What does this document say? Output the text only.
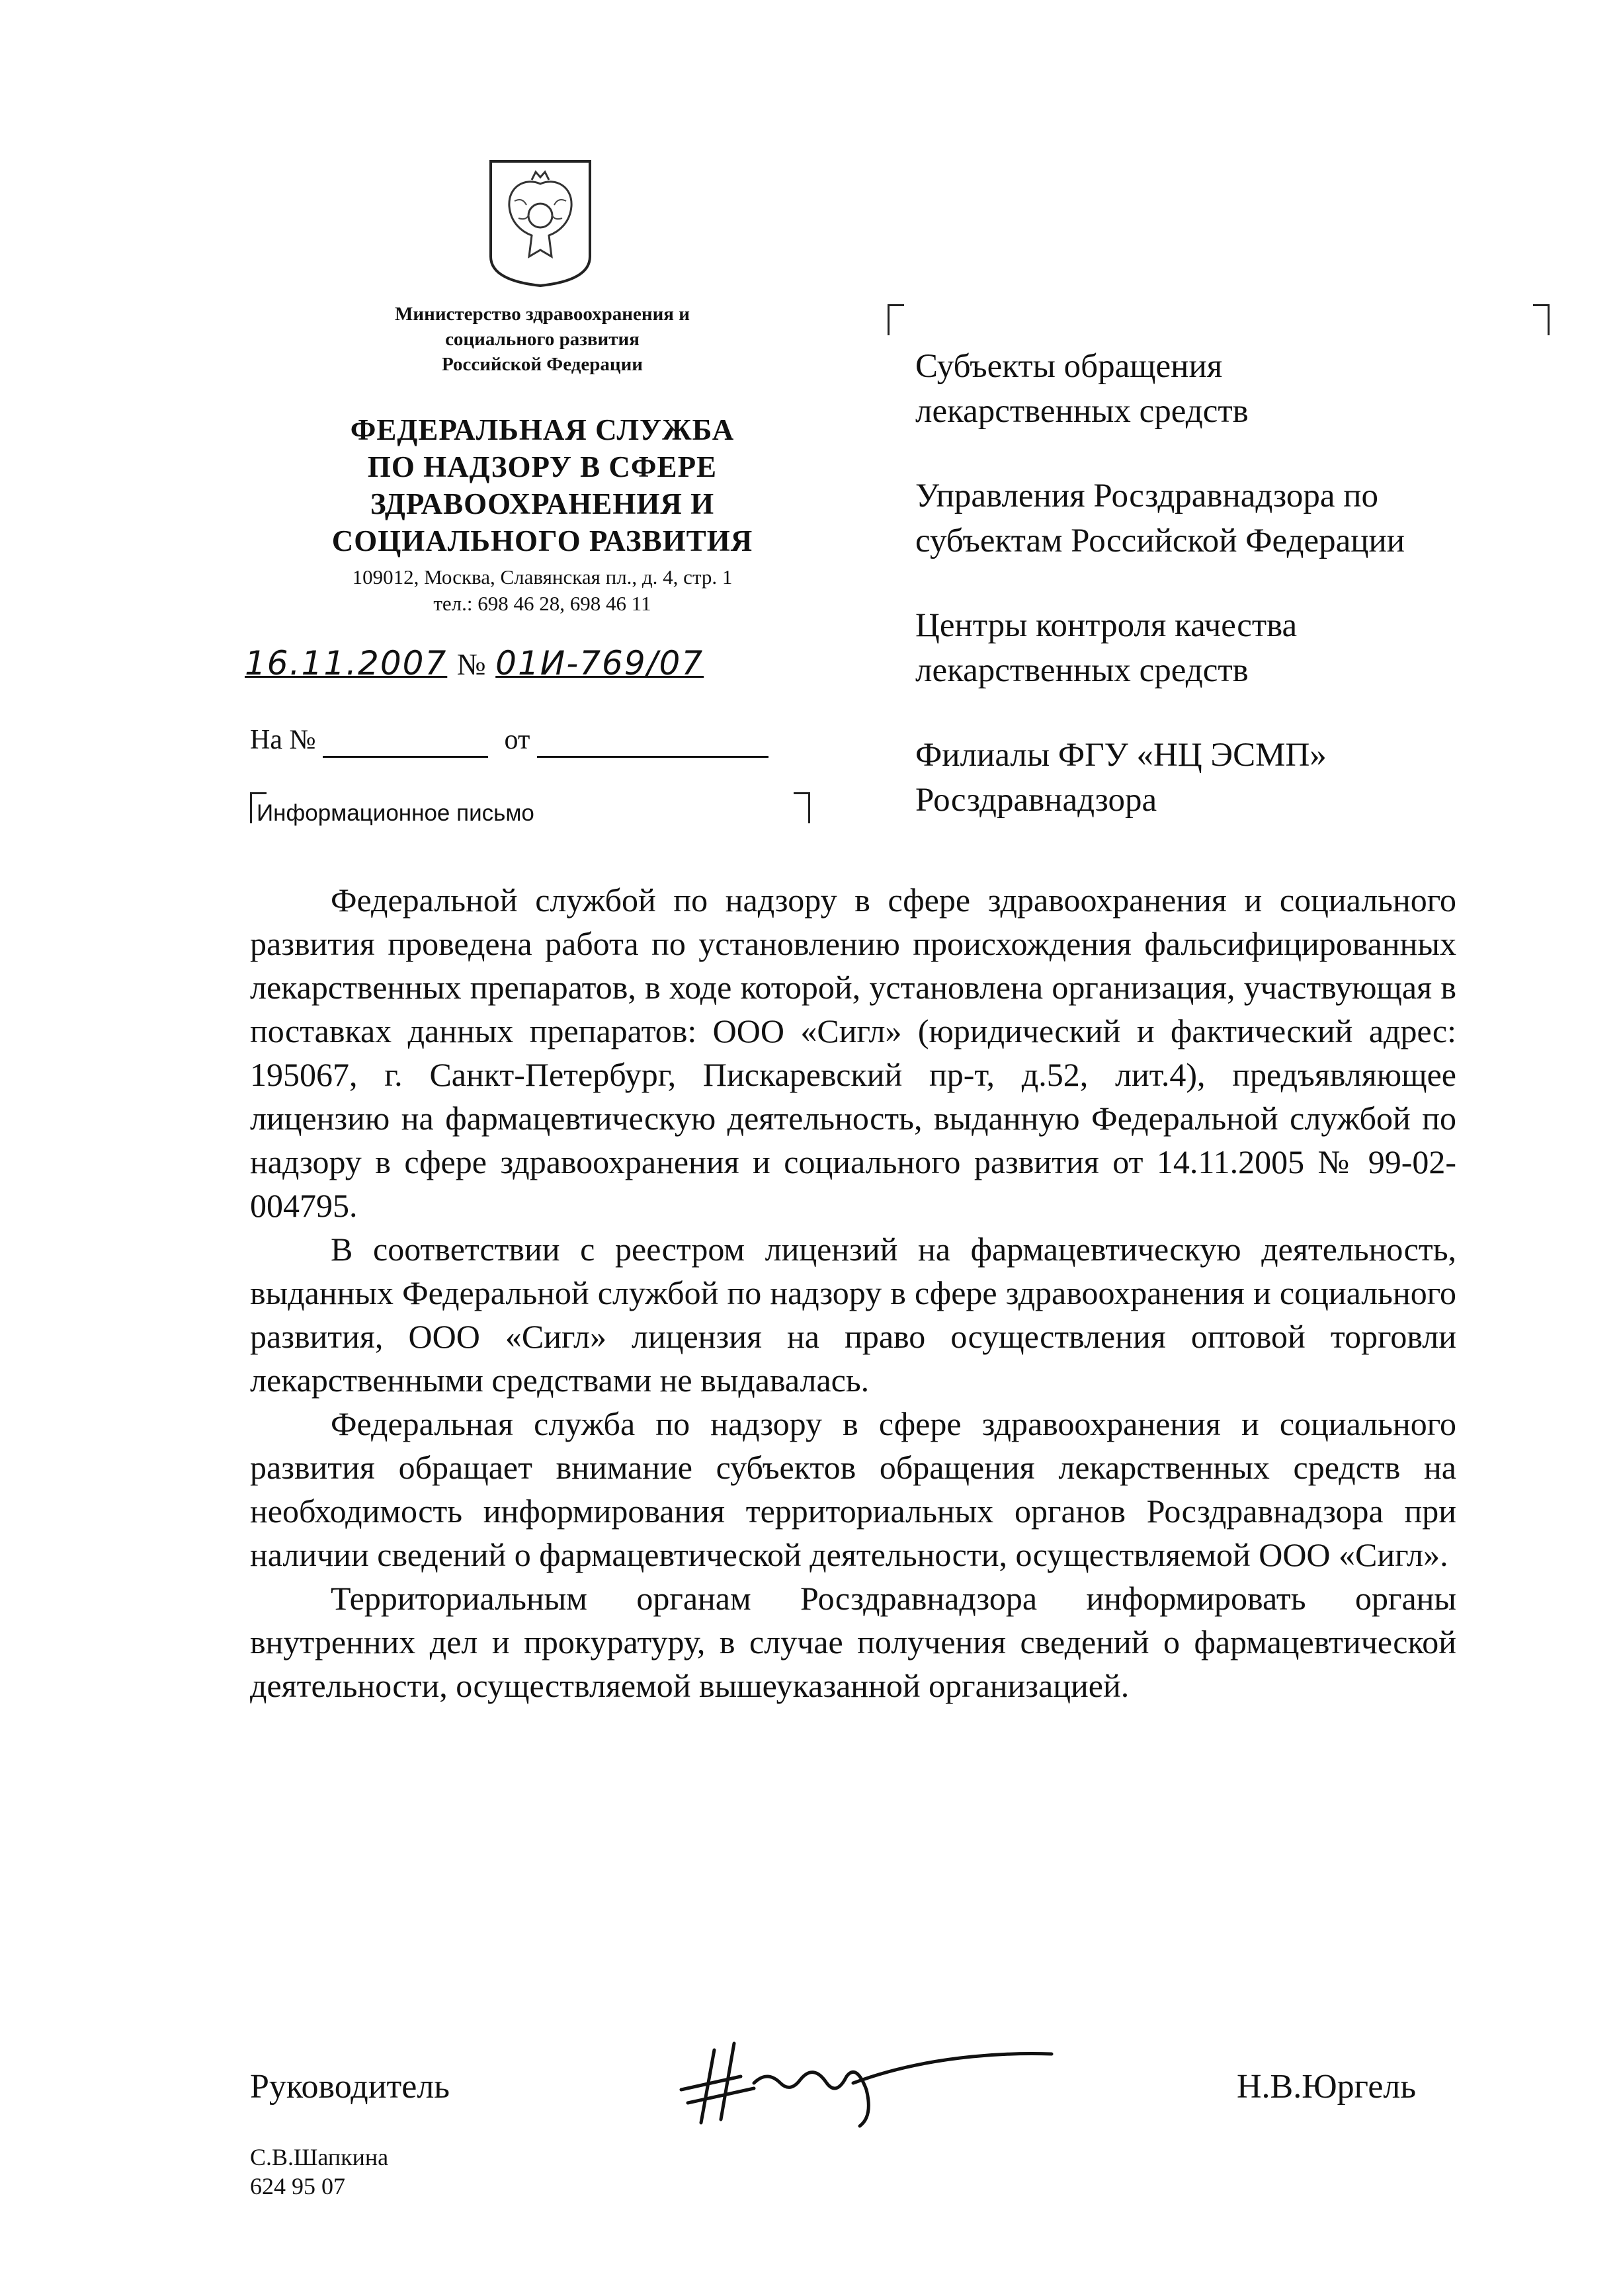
Министерство здравоохранения и
социального развития
Российской Федерации
ФЕДЕРАЛЬНАЯ СЛУЖБА
ПО НАДЗОРУ В СФЕРЕ
ЗДРАВООХРАНЕНИЯ И
СОЦИАЛЬНОГО РАЗВИТИЯ
109012, Москва, Славянская пл., д. 4, стр. 1
тел.: 698 46 28, 698 46 11
16.11.2007 № 01И-769/07
На №	от
Информационное письмо

Субъекты обращения
лекарственных средств

Управления Росздравнадзора по
субъектам Российской Федерации

Центры контроля качества
лекарственных средств

Филиалы ФГУ «НЦ ЭСМП»
Росздравнадзора

Федеральной службой по надзору в сфере здравоохранения и социального развития проведена работа по установлению происхождения фальсифицированных лекарственных препаратов, в ходе которой, установлена организация, участвующая в поставках данных препаратов: ООО «Сигл» (юридический и фактический адрес: 195067, г. Санкт-Петербург, Пискаревский пр-т, д.52, лит.4), предъявляющее лицензию на фармацевтическую деятельность, выданную Федеральной службой по надзору в сфере здравоохранения и социального развития от 14.11.2005 № 99-02-004795.

В соответствии с реестром лицензий на фармацевтическую деятельность, выданных Федеральной службой по надзору в сфере здравоохранения и социального развития, ООО «Сигл» лицензия на право осуществления оптовой торговли лекарственными средствами не выдавалась.

Федеральная служба по надзору в сфере здравоохранения и социального развития обращает внимание субъектов обращения лекарственных средств на необходимость информирования территориальных органов Росздравнадзора при наличии сведений о фармацевтической деятельности, осуществляемой ООО «Сигл».

Территориальным органам Росздравнадзора информировать органы внутренних дел и прокуратуру, в случае получения сведений о фармацевтической деятельности, осуществляемой вышеуказанной организацией.

Руководитель	Н.В.Юргель
С.В.Шапкина
624 95 07
